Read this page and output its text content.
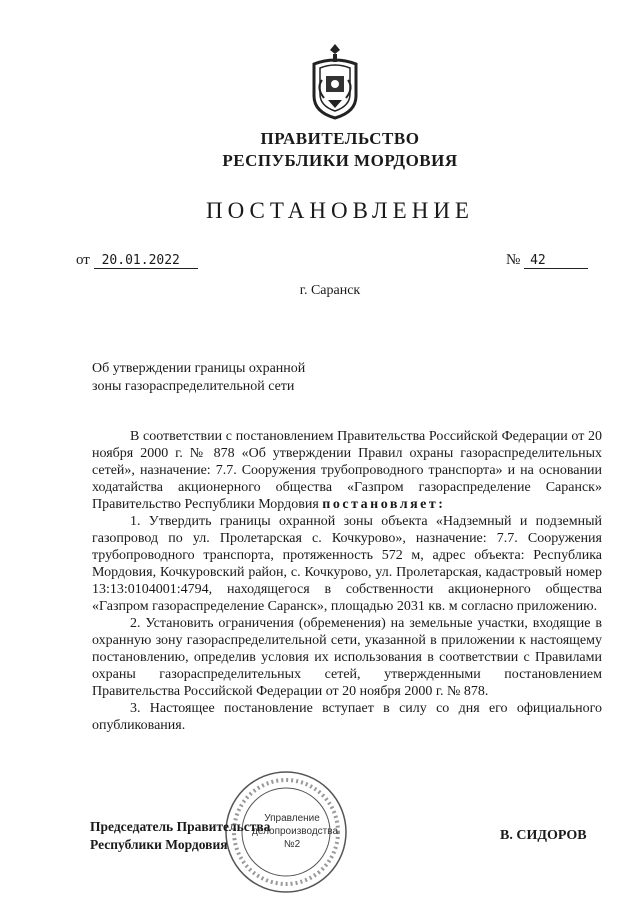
ПРАВИТЕЛЬСТВО
РЕСПУБЛИКИ МОРДОВИЯ
ПОСТАНОВЛЕНИЕ
от 20.01.2022	№ 42
г. Саранск
Об утверждении границы охранной
зоны газораспределительной сети

В соответствии с постановлением Правительства Российской Федерации от 20 ноября 2000 г. № 878 «Об утверждении Правил охраны газораспределительных сетей», назначение: 7.7. Сооружения трубопроводного транспорта» и на основании ходатайства акционерного общества «Газпром газораспределение Саранск» Правительство Республики Мордовия постановляет:

1. Утвердить границы охранной зоны объекта «Надземный и подземный газопровод по ул. Пролетарская с. Кочкурово», назначение: 7.7. Сооружения трубопроводного транспорта, протяженность 572 м, адрес объекта: Республика Мордовия, Кочкуровский район, с. Кочкурово, ул. Пролетарская, кадастровый номер 13:13:0104001:4794, находящегося в собственности акционерного общества «Газпром газораспределение Саранск», площадью 2031 кв. м согласно приложению.

2. Установить ограничения (обременения) на земельные участки, входящие в охранную зону газораспределительной сети, указанной в приложении к настоящему постановлению, определив условия их использования в соответствии с Правилами охраны газораспределительных сетей, утвержденными постановлением Правительства Российской Федерации от 20 ноября 2000 г. № 878.

3. Настоящее постановление вступает в силу со дня его официального опубликования.

Управление
делопроизводства
№2
Председатель Правительства
Республики Мордовия
В. СИДОРОВ
